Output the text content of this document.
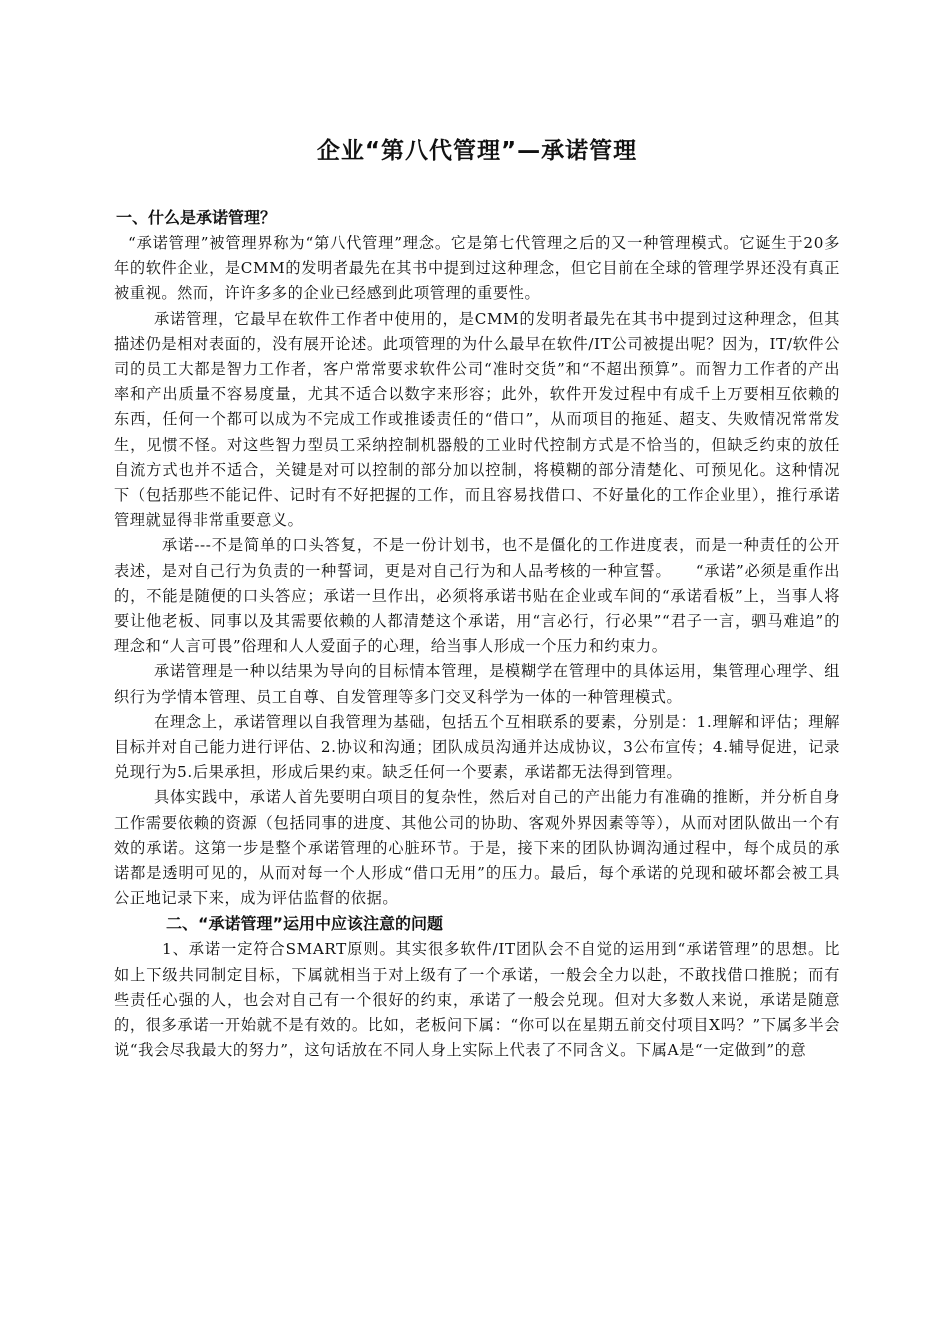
企业“第八代管理”—承诺管理
一、什么是承诺管理？

“承诺管理”被管理界称为“第八代管理”理念。它是第七代管理之后的又一种管理模式。它诞生于20多年的软件企业，是CMM的发明者最先在其书中提到过这种理念，但它目前在全球的管理学界还没有真正被重视。然而，许许多多的企业已经感到此项管理的重要性。

承诺管理，它最早在软件工作者中使用的，是CMM的发明者最先在其书中提到过这种理念，但其描述仍是相对表面的，没有展开论述。此项管理的为什么最早在软件/IT公司被提出呢？因为，IT/软件公司的员工大都是智力工作者，客户常常要求软件公司“准时交货”和“不超出预算”。而智力工作者的产出率和产出质量不容易度量，尤其不适合以数字来形容；此外，软件开发过程中有成千上万要相互依赖的东西，任何一个都可以成为不完成工作或推诿责任的“借口”，从而项目的拖延、超支、失败情况常常发生，见惯不怪。对这些智力型员工采纳控制机器般的工业时代控制方式是不恰当的，但缺乏约束的放任自流方式也并不适合，关键是对可以控制的部分加以控制，将模糊的部分清楚化、可预见化。这种情况下（包括那些不能记件、记时有不好把握的工作，而且容易找借口、不好量化的工作企业里），推行承诺管理就显得非常重要意义。

承诺---不是简单的口头答复，不是一份计划书，也不是僵化的工作进度表，而是一种责任的公开表述，是对自己行为负责的一种誓词，更是对自己行为和人品考核的一种宣誓。　　“承诺”必须是重作出的，不能是随便的口头答应；承诺一旦作出，必须将承诺书贴在企业或车间的“承诺看板”上，当事人将要让他老板、同事以及其需要依赖的人都清楚这个承诺，用“言必行，行必果”“君子一言，驷马难追”的理念和“人言可畏”俗理和人人爱面子的心理，给当事人形成一个压力和约束力。

承诺管理是一种以结果为导向的目标情本管理，是模糊学在管理中的具体运用，集管理心理学、组织行为学情本管理、员工自尊、自发管理等多门交叉科学为一体的一种管理模式。

在理念上，承诺管理以自我管理为基础，包括五个互相联系的要素，分别是：1.理解和评估；理解目标并对自己能力进行评估、2.协议和沟通；团队成员沟通并达成协议，3公布宣传；4.辅导促进，记录兑现行为5.后果承担，形成后果约束。缺乏任何一个要素，承诺都无法得到管理。

具体实践中，承诺人首先要明白项目的复杂性，然后对自己的产出能力有准确的推断，并分析自身工作需要依赖的资源（包括同事的进度、其他公司的协助、客观外界因素等等），从而对团队做出一个有效的承诺。这第一步是整个承诺管理的心脏环节。于是，接下来的团队协调沟通过程中，每个成员的承诺都是透明可见的，从而对每一个人形成“借口无用”的压力。最后，每个承诺的兑现和破坏都会被工具公正地记录下来，成为评估监督的依据。

二、“承诺管理”运用中应该注意的问题

1、承诺一定符合SMART原则。其实很多软件/IT团队会不自觉的运用到“承诺管理”的思想。比如上下级共同制定目标，下属就相当于对上级有了一个承诺，一般会全力以赴，不敢找借口推脱；而有些责任心强的人，也会对自己有一个很好的约束，承诺了一般会兑现。但对大多数人来说，承诺是随意的，很多承诺一开始就不是有效的。比如，老板问下属：“你可以在星期五前交付项目X吗？”下属多半会说“我会尽我最大的努力”，这句话放在不同人身上实际上代表了不同含义。下属A是“一定做到”的意
